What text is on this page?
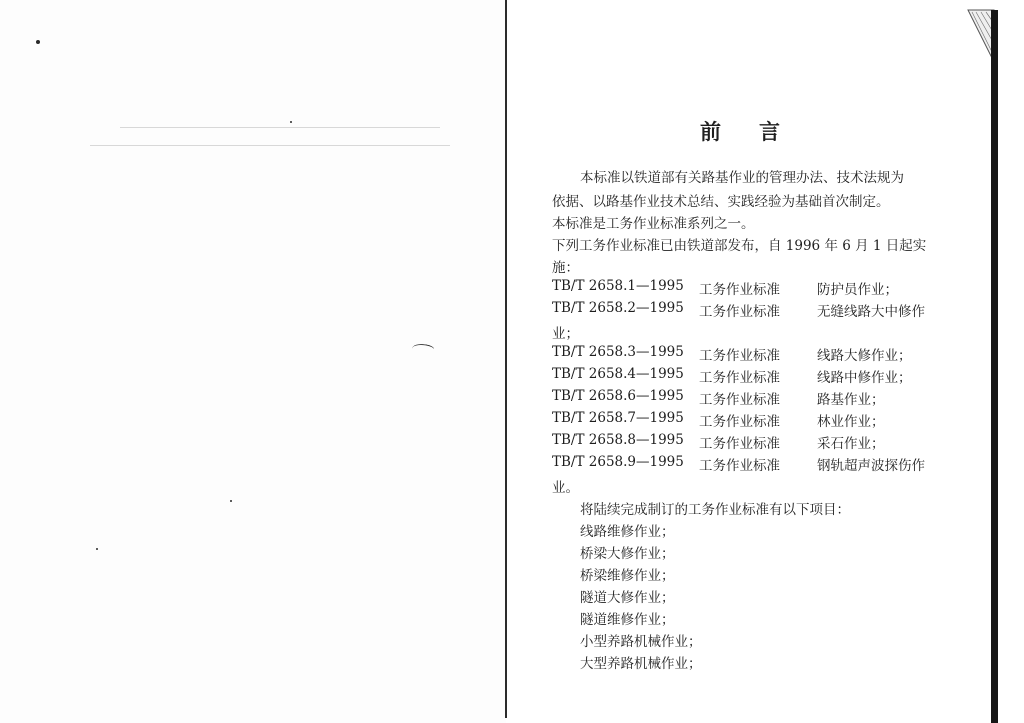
前言

本标准以铁道部有关路基作业的管理办法、技术法规为

依据、以路基作业技术总结、实践经验为基础首次制定。

本标准是工务作业标准系列之一。

下列工务作业标准已由铁道部发布，自 1996 年 6 月 1 日起实

施：

TB/T 2658.1—1995 工务作业标准	防护员作业；
TB/T 2658.2—1995 工务作业标准	无缝线路大中修作

业；

TB/T 2658.3—1995 工务作业标准	线路大修作业；
TB/T 2658.4—1995 工务作业标准	线路中修作业；
TB/T 2658.6—1995 工务作业标准	路基作业；
TB/T 2658.7—1995 工务作业标准	林业作业；
TB/T 2658.8—1995 工务作业标准	采石作业；
TB/T 2658.9—1995 工务作业标准	钢轨超声波探伤作

业。

将陆续完成制订的工务作业标准有以下项目：

线路维修作业；

桥梁大修作业；

桥梁维修作业；

隧道大修作业；

隧道维修作业；

小型养路机械作业；

大型养路机械作业；
